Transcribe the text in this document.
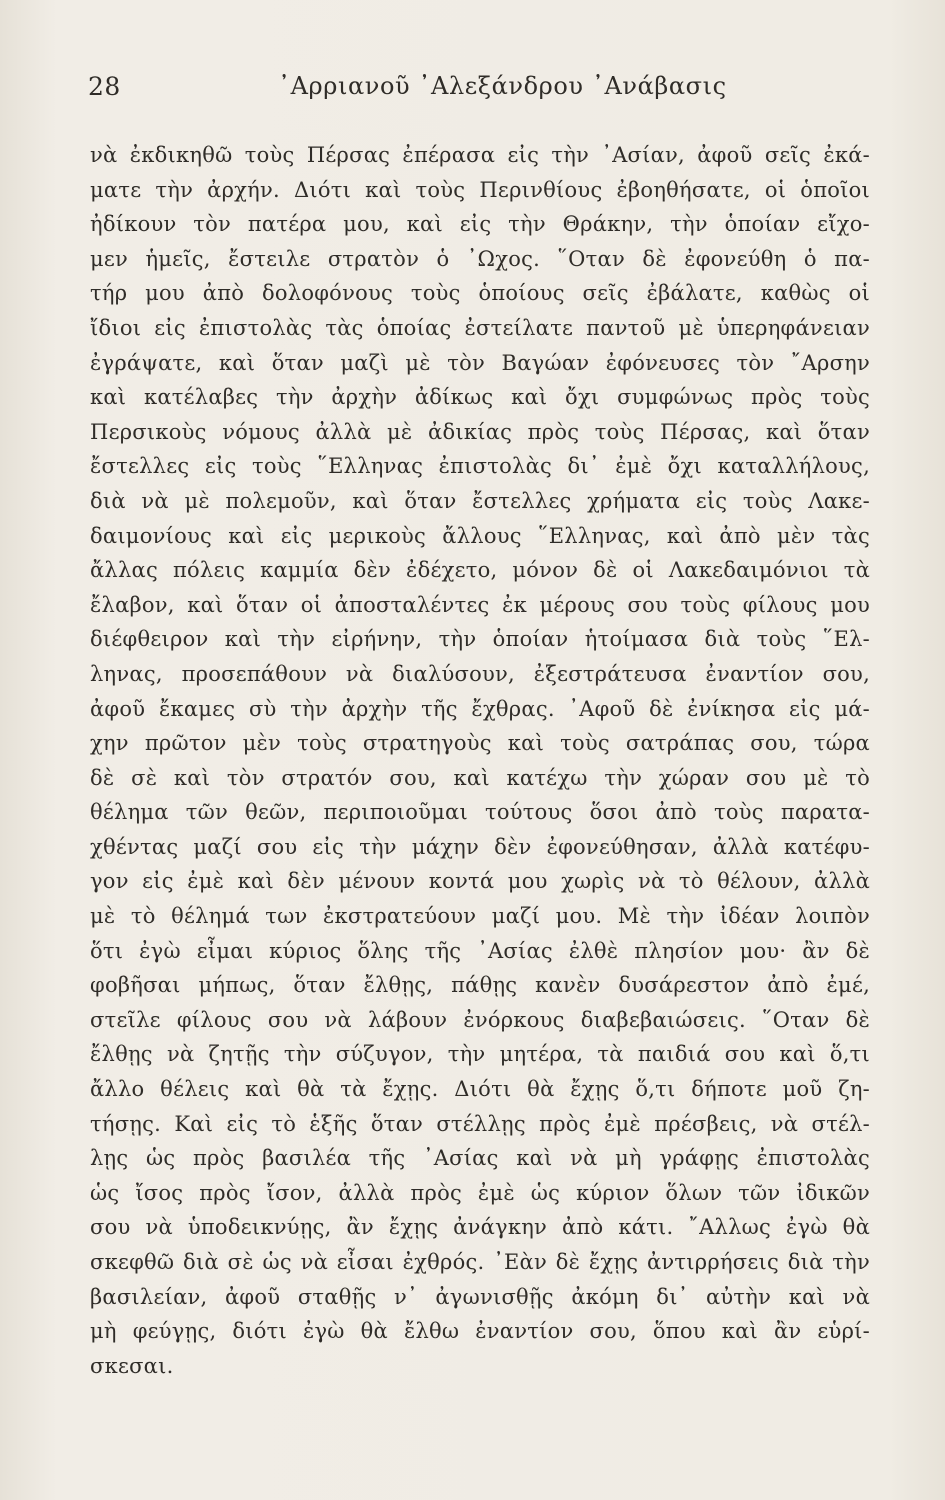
28	᾿Αρριανοῦ ᾿Αλεξάνδρου ᾿Ανάβασις
νὰ ἐκδικηθῶ τοὺς Πέρσας ἐπέρασα εἰς τὴν ᾿Ασίαν, ἀφοῦ σεῖς ἐκά-
ματε τὴν ἀρχήν. Διότι καὶ τοὺς Περινθίους ἐβοηθήσατε, οἱ ὁποῖοι
ἠδίκουν τὸν πατέρα μου, καὶ εἰς τὴν Θράκην, τὴν ὁποίαν εἴχο-
μεν ἡμεῖς, ἔστειλε στρατὸν ὁ ᾿Ωχος. ῞Οταν δὲ ἐφονεύθη ὁ πα-
τήρ μου ἀπὸ δολοφόνους τοὺς ὁποίους σεῖς ἐβάλατε, καθὼς οἱ
ἴδιοι εἰς ἐπιστολὰς τὰς ὁποίας ἐστείλατε παντοῦ μὲ ὑπερηφάνειαν
ἐγράψατε, καὶ ὅταν μαζὶ μὲ τὸν Βαγώαν ἐφόνευσες τὸν ῎Αρσην
καὶ κατέλαβες τὴν ἀρχὴν ἀδίκως καὶ ὄχι συμφώνως πρὸς τοὺς
Περσικοὺς νόμους ἀλλὰ μὲ ἀδικίας πρὸς τοὺς Πέρσας, καὶ ὅταν
ἔστελλες εἰς τοὺς ῞Ελληνας ἐπιστολὰς δι᾿ ἐμὲ ὄχι καταλλήλους,
διὰ νὰ μὲ πολεμοῦν, καὶ ὅταν ἔστελλες χρήματα εἰς τοὺς Λακε-
δαιμονίους καὶ εἰς μερικοὺς ἄλλους ῞Ελληνας, καὶ ἀπὸ μὲν τὰς
ἄλλας πόλεις καμμία δὲν ἐδέχετο, μόνον δὲ οἱ Λακεδαιμόνιοι τὰ
ἔλαβον, καὶ ὅταν οἱ ἀποσταλέντες ἐκ μέρους σου τοὺς φίλους μου
διέφθειρον καὶ τὴν εἰρήνην, τὴν ὁποίαν ἡτοίμασα διὰ τοὺς ῞Ελ-
ληνας, προσεπάθουν νὰ διαλύσουν, ἐξεστράτευσα ἐναντίον σου,
ἀφοῦ ἔκαμες σὺ τὴν ἀρχὴν τῆς ἔχθρας. ᾿Αφοῦ δὲ ἐνίκησα εἰς μά-
χην πρῶτον μὲν τοὺς στρατηγοὺς καὶ τοὺς σατράπας σου, τώρα
δὲ σὲ καὶ τὸν στρατόν σου, καὶ κατέχω τὴν χώραν σου μὲ τὸ
θέλημα τῶν θεῶν, περιποιοῦμαι τούτους ὅσοι ἀπὸ τοὺς παρατα-
χθέντας μαζί σου εἰς τὴν μάχην δὲν ἐφονεύθησαν, ἀλλὰ κατέφυ-
γον εἰς ἐμὲ καὶ δὲν μένουν κοντά μου χωρὶς νὰ τὸ θέλουν, ἀλλὰ
μὲ τὸ θέλημά των ἐκστρατεύουν μαζί μου. Μὲ τὴν ἰδέαν λοιπὸν
ὅτι ἐγὼ εἶμαι κύριος ὅλης τῆς ᾿Ασίας ἐλθὲ πλησίον μου· ἂν δὲ
φοβῆσαι μήπως, ὅταν ἔλθῃς, πάθῃς κανὲν δυσάρεστον ἀπὸ ἐμέ,
στεῖλε φίλους σου νὰ λάβουν ἐνόρκους διαβεβαιώσεις. ῞Οταν δὲ
ἔλθῃς νὰ ζητῇς τὴν σύζυγον, τὴν μητέρα, τὰ παιδιά σου καὶ ὅ,τι
ἄλλο θέλεις καὶ θὰ τὰ ἔχῃς. Διότι θὰ ἔχῃς ὅ,τι δήποτε μοῦ ζη-
τήσῃς. Καὶ εἰς τὸ ἑξῆς ὅταν στέλλῃς πρὸς ἐμὲ πρέσβεις, νὰ στέλ-
λῃς ὡς πρὸς βασιλέα τῆς ᾿Ασίας καὶ νὰ μὴ γράφῃς ἐπιστολὰς
ὡς ἴσος πρὸς ἴσον, ἀλλὰ πρὸς ἐμὲ ὡς κύριον ὅλων τῶν ἰδικῶν
σου νὰ ὑποδεικνύῃς, ἂν ἔχῃς ἀνάγκην ἀπὸ κάτι. ῎Αλλως ἐγὼ θὰ
σκεφθῶ διὰ σὲ ὡς νὰ εἶσαι ἐχθρός. ᾿Εὰν δὲ ἔχῃς ἀντιρρήσεις διὰ τὴν
βασιλείαν, ἀφοῦ σταθῇς ν᾿ ἀγωνισθῇς ἀκόμη δι᾿ αὐτὴν καὶ νὰ
μὴ φεύγῃς, διότι ἐγὼ θὰ ἔλθω ἐναντίον σου, ὅπου καὶ ἂν εὑρί-
σκεσαι.
